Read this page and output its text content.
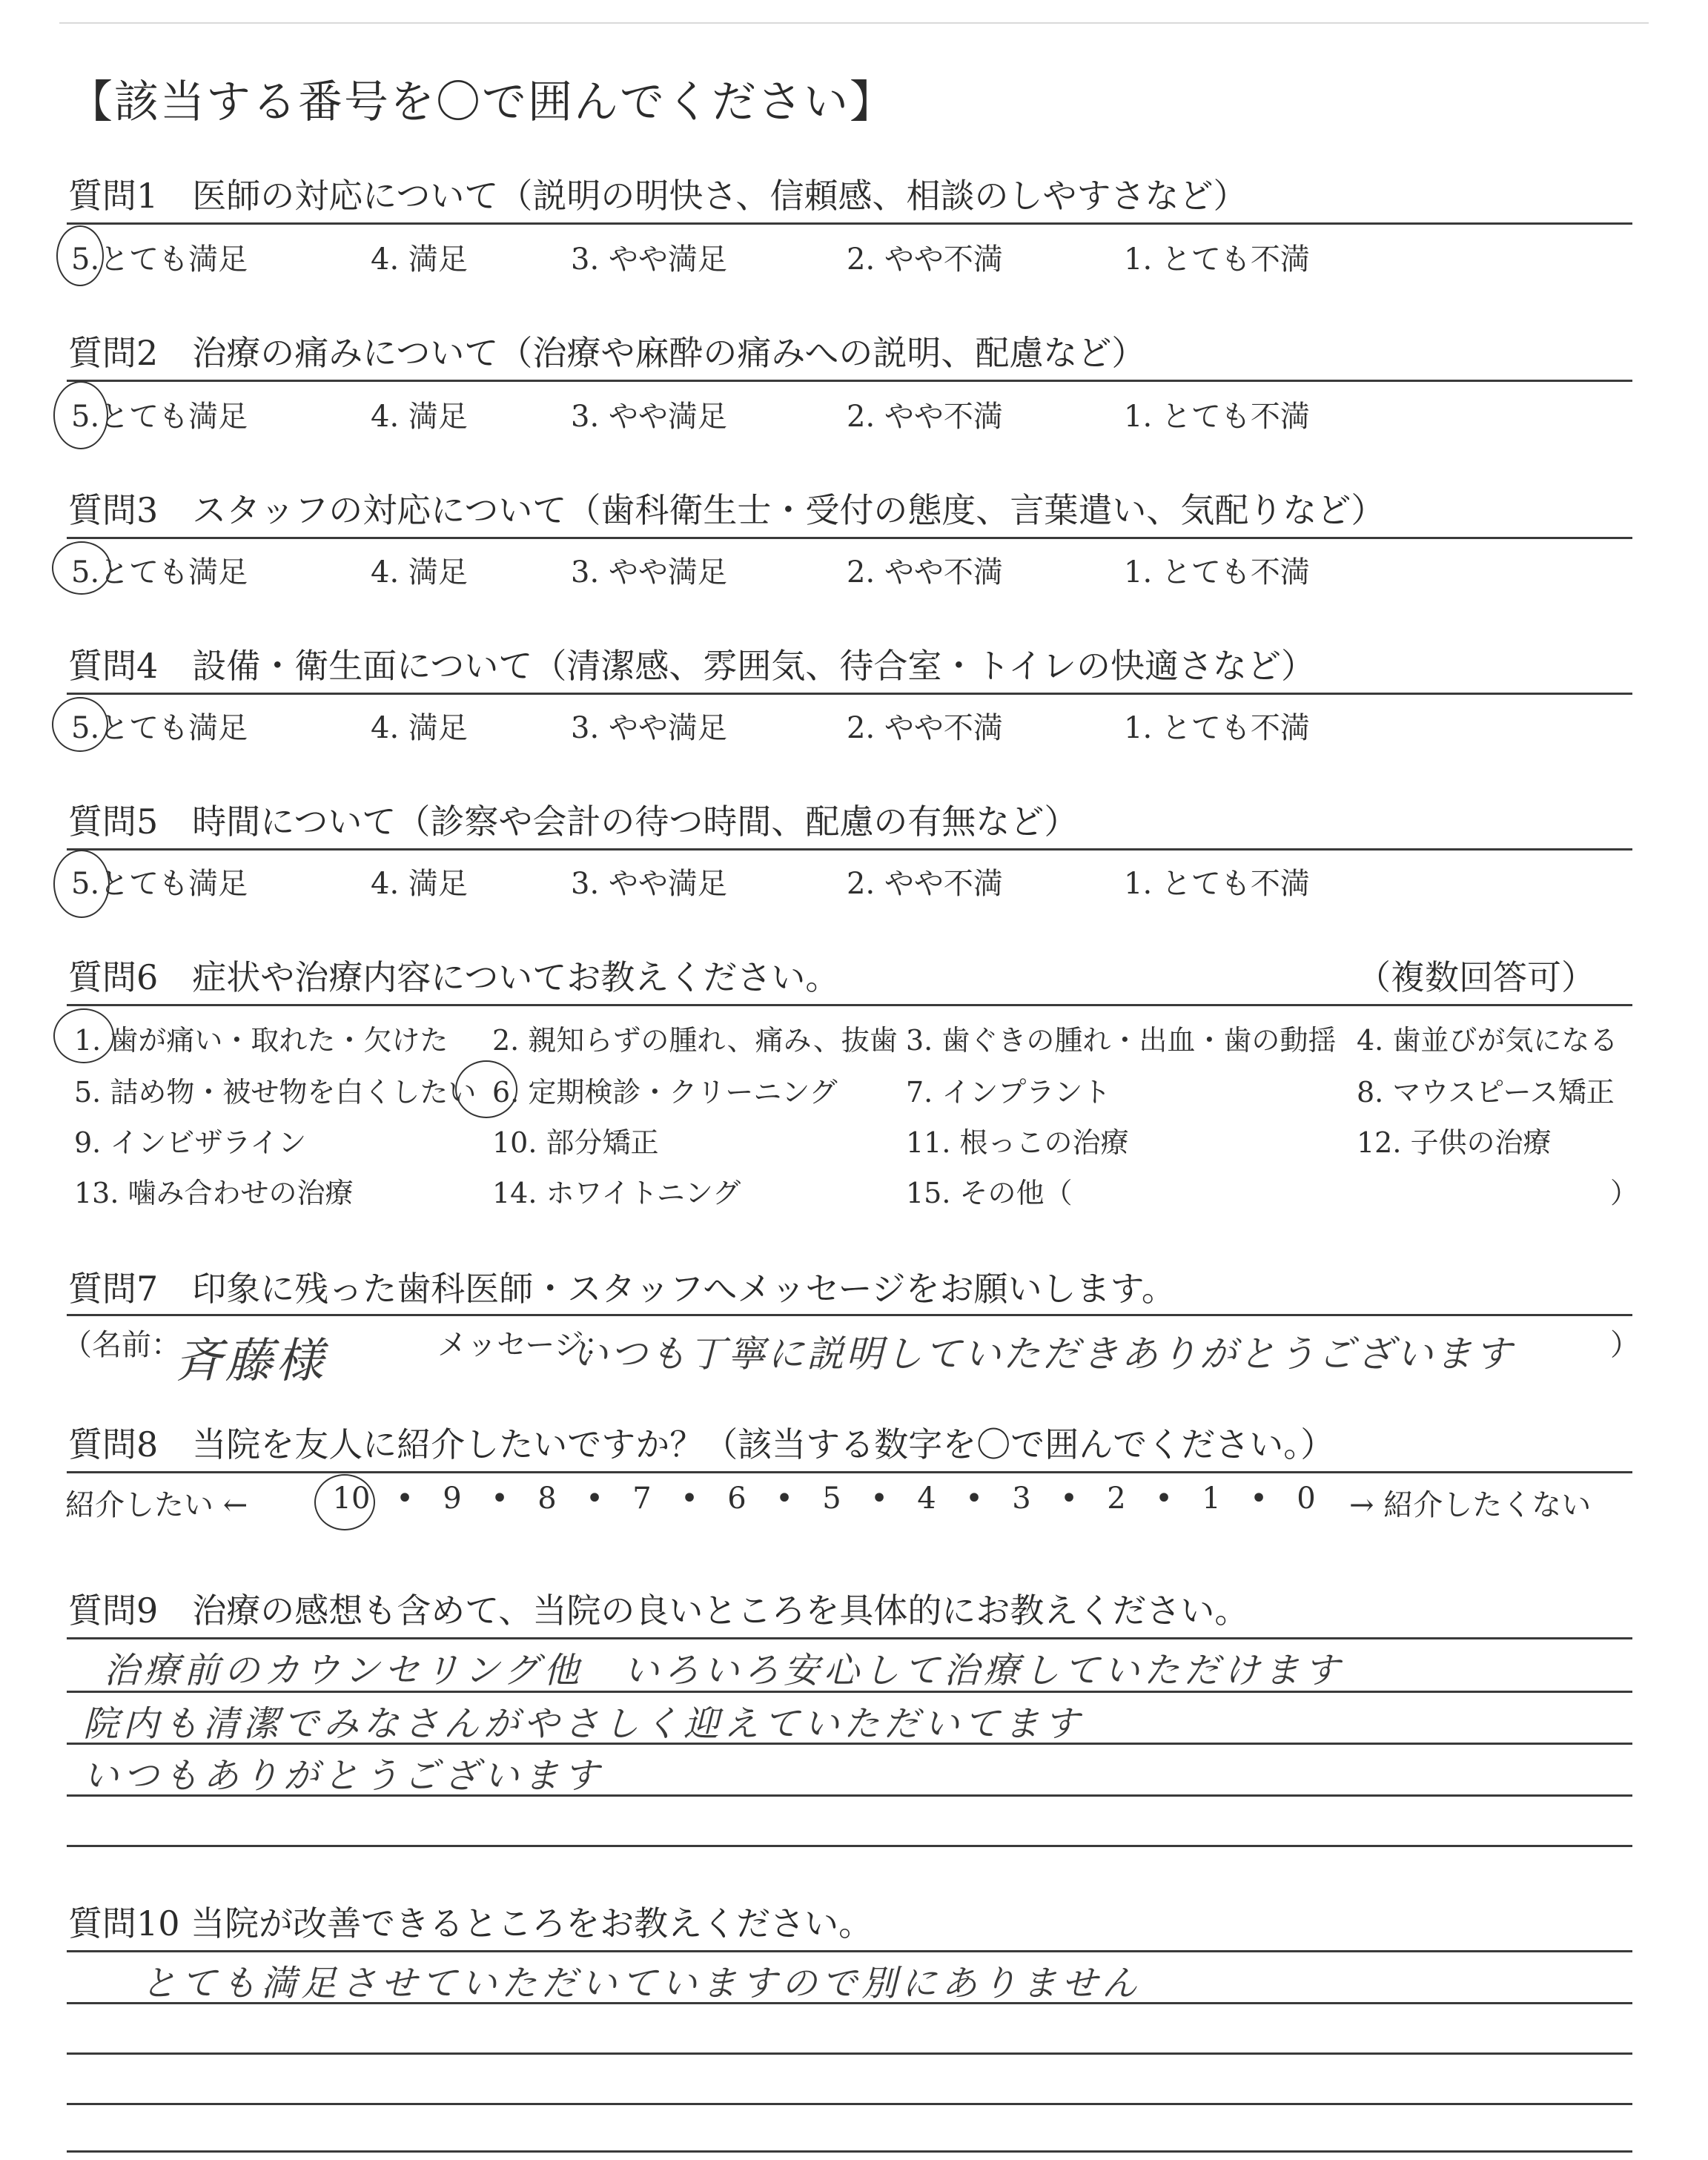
【該当する番号を〇で囲んでください】
質問1　医師の対応について（説明の明快さ、信頼感、相談のしやすさなど）
5.とても満足	4. 満足	3. やや満足	2. やや不満	1. とても不満
質問2　治療の痛みについて（治療や麻酔の痛みへの説明、配慮など）
5.とても満足	4. 満足	3. やや満足	2. やや不満	1. とても不満
質問3　スタッフの対応について（歯科衛生士・受付の態度、言葉遣い、気配りなど）
5.とても満足	4. 満足	3. やや満足	2. やや不満	1. とても不満
質問4　設備・衛生面について（清潔感、雰囲気、待合室・トイレの快適さなど）
5.とても満足	4. 満足	3. やや満足	2. やや不満	1. とても不満
質問5　時間について（診察や会計の待つ時間、配慮の有無など）
5.とても満足	4. 満足	3. やや満足	2. やや不満	1. とても不満
質問6　症状や治療内容についてお教えください。	（複数回答可）
1. 歯が痛い・取れた・欠けた 2. 親知らずの腫れ、痛み、抜歯 3. 歯ぐきの腫れ・出血・歯の動揺 4. 歯並びが気になる
5. 詰め物・被せ物を白くしたい 6. 定期検診・クリーニング 7. インプラント	8. マウスピース矯正
9. インビザライン	10. 部分矯正	11. 根っこの治療	12. 子供の治療
13. 噛み合わせの治療	14. ホワイトニング	15. その他（	）
質問7　印象に残った歯科医師・スタッフへメッセージをお願いします。
（名前：
斉藤様	メッセージ：
いつも丁寧に説明していただきありがとうございます	）
質問8　当院を友人に紹介したいですか？（該当する数字を〇で囲んでください。）
紹介したい ←	10 • 9 • 8 • 7 • 6 • 5 • 4 • 3 • 2 • 1 • 0	→ 紹介したくない
質問9　治療の感想も含めて、当院の良いところを具体的にお教えください。
治療前のカウンセリング他　いろいろ安心して治療していただけます
院内も清潔でみなさんがやさしく迎えていただいてます
いつもありがとうございます
質問10 当院が改善できるところをお教えください。
とても満足させていただいていますので別にありません
